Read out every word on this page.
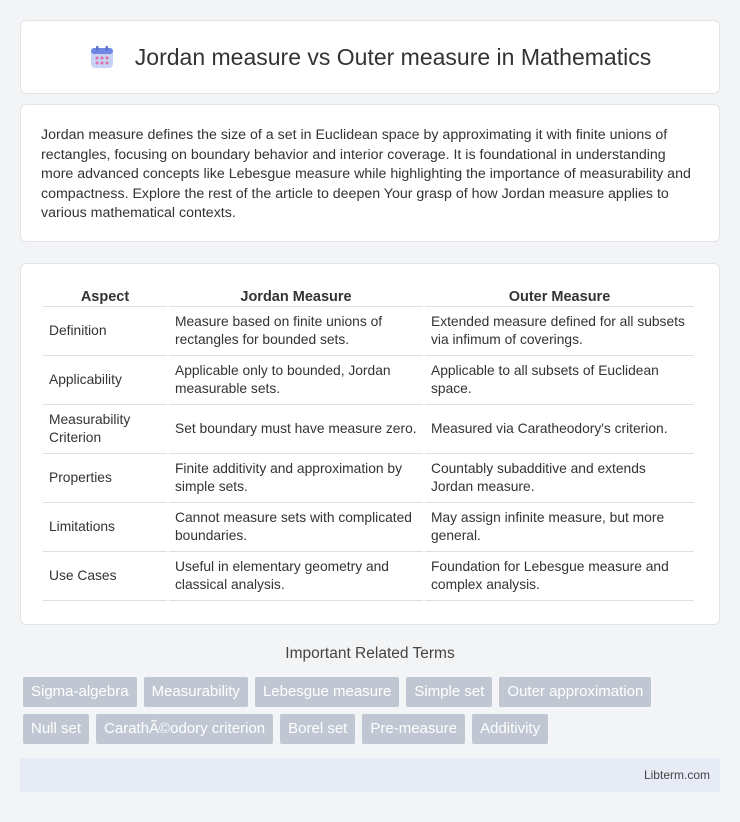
Jordan measure vs Outer measure in Mathematics

Jordan measure defines the size of a set in Euclidean space by approximating it with finite unions of rectangles, focusing on boundary behavior and interior coverage. It is foundational in understanding more advanced concepts like Lebesgue measure while highlighting the importance of measurability and compactness. Explore the rest of the article to deepen Your grasp of how Jordan measure applies to various mathematical contexts.

Aspect	Jordan Measure	Outer Measure
Definition	Measure based on finite unions of rectangles for bounded sets.	Extended measure defined for all subsets via infimum of coverings.
Applicability	Applicable only to bounded, Jordan measurable sets.	Applicable to all subsets of Euclidean space.
Measurability Criterion	Set boundary must have measure zero.	Measured via Caratheodory's criterion.
Properties	Finite additivity and approximation by simple sets.	Countably subadditive and extends Jordan measure.
Limitations	Cannot measure sets with complicated boundaries.	May assign infinite measure, but more general.
Use Cases	Useful in elementary geometry and classical analysis.	Foundation for Lebesgue measure and complex analysis.
Important Related Terms
Sigma-algebra	Measurability	Lebesgue measure	Simple set	Outer approximation
Null set	CarathÃ©odory criterion	Borel set	Pre-measure	Additivity
Libterm.com
